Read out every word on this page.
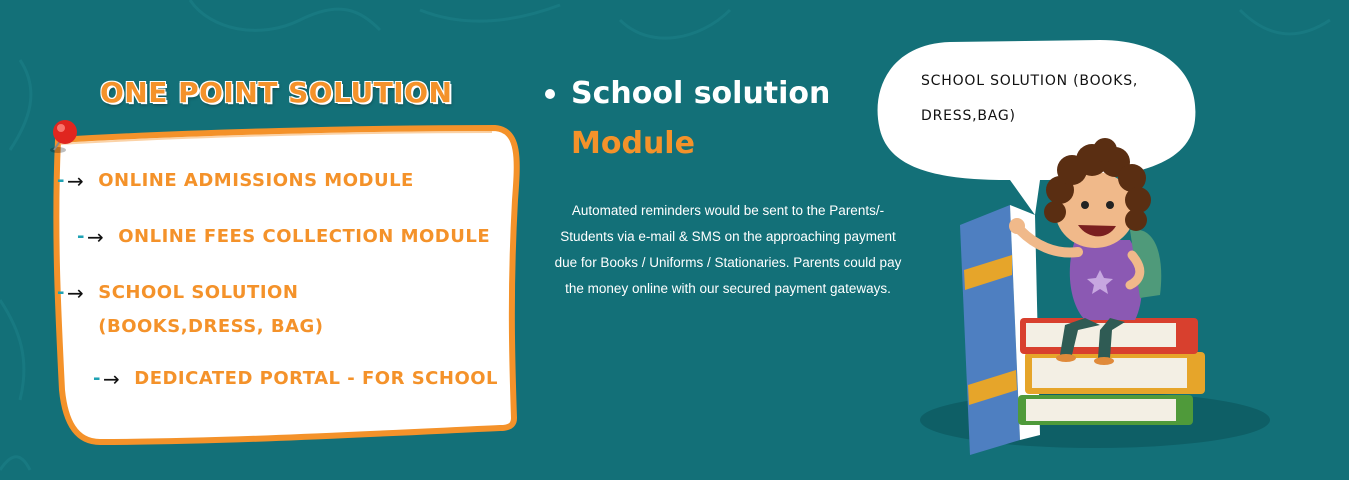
ONE POINT SOLUTION
- → ONLINE ADMISSIONS MODULE
- → ONLINE FEES COLLECTION MODULE
- → SCHOOL SOLUTION (BOOKS,DRESS, BAG)
- → DEDICATED PORTAL - FOR SCHOOL
School solution
Module

Automated reminders would be sent to the Parents/-Students via e-mail & SMS on the approaching payment due for Books / Uniforms / Stationaries. Parents could pay the money online with our secured payment gateways.

SCHOOL SOLUTION (BOOKS, DRESS,BAG)
